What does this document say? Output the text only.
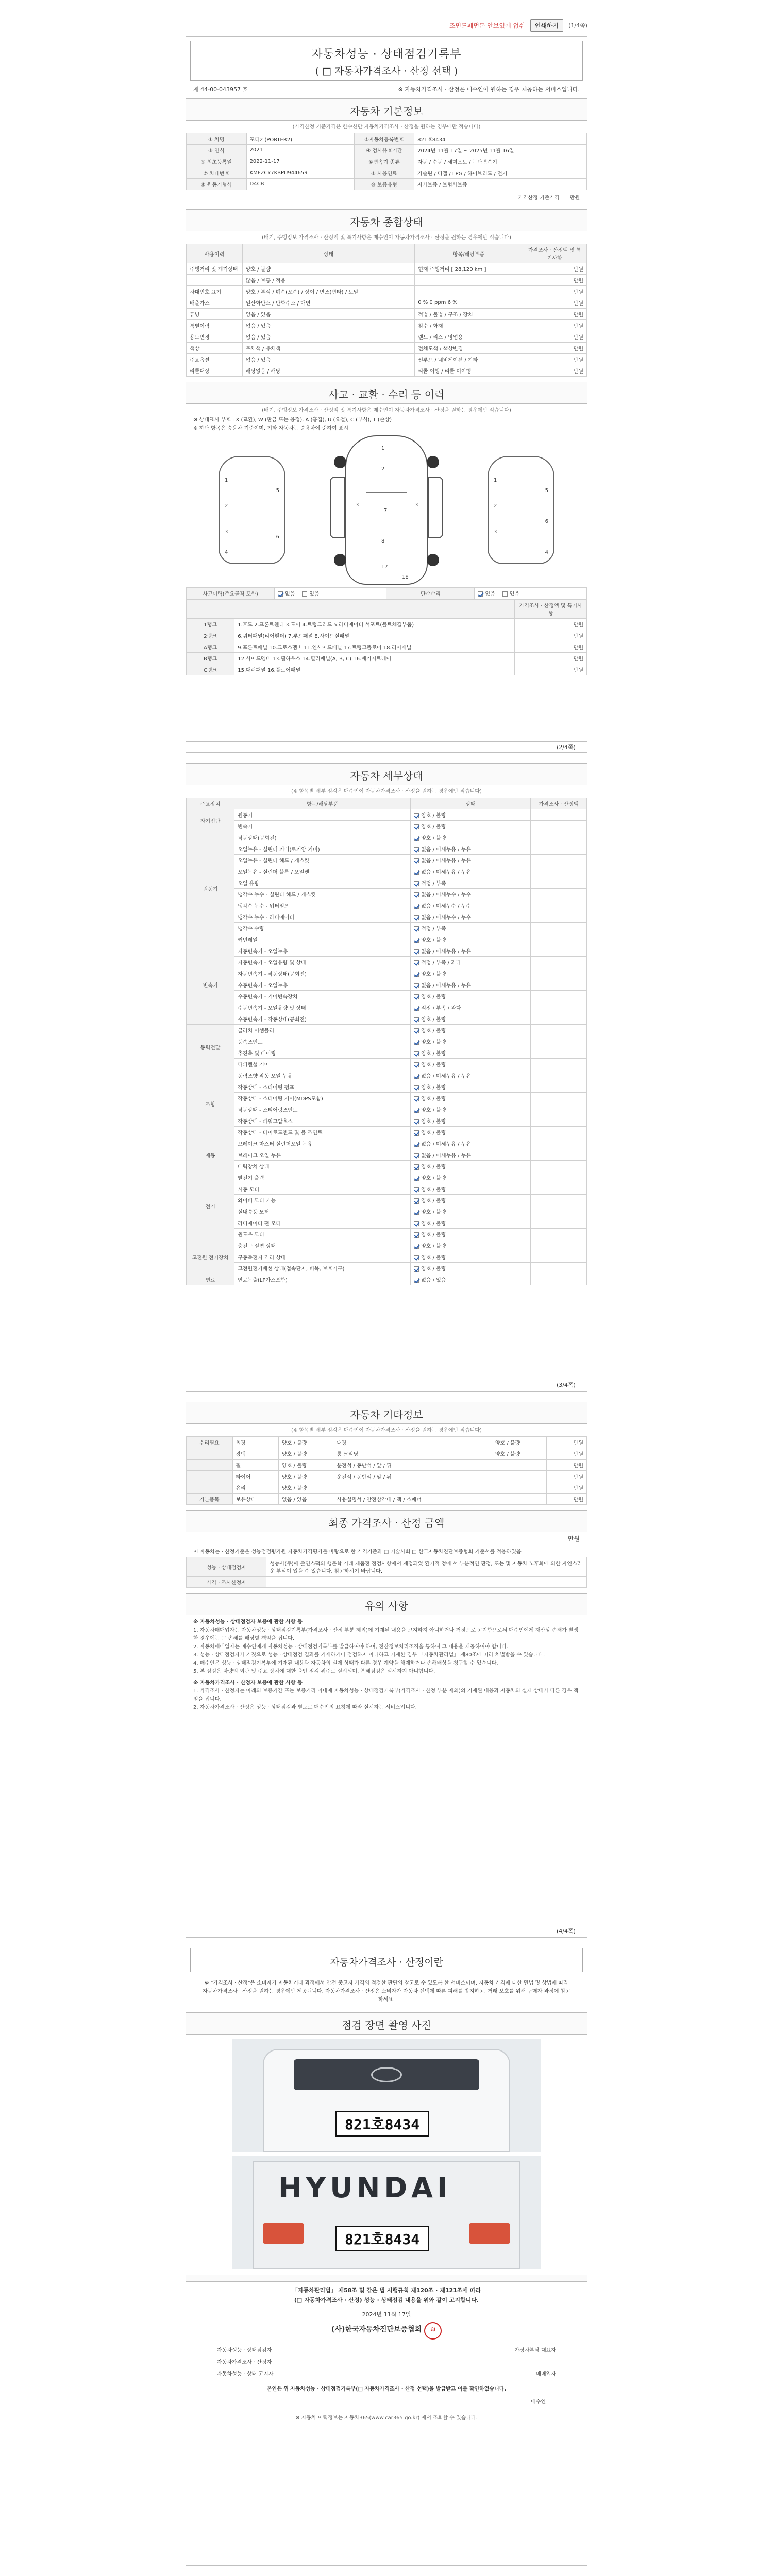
조민드페먼돈 안보있에 없쉬	인쇄하기	(1/4쪽)
자동차성능 · 상태점검기록부
( □ 자동차가격조사 · 산정 선택 )
제 44-00-043957 호	※ 자동차가격조사 · 산정은 매수인이 원하는 경우 제공하는 서비스입니다.
자동차 기본정보
(가격산정 기준가격은 한수신만 자동차가격조사 · 산정을 원하는 경우에만 적습니다)
① 차명	포터2 (PORTER2)	②자동차등록번호	821호8434
③ 연식	2021	④ 검사유효기간	2024년 11월 17일 ~ 2025년 11월 16일
⑤ 최초등록일	2022-11-17	⑥변속기 종류	자동 / 수동 / 세미오토 / 무단변속기
⑦ 차대번호	KMFZCY7KBPU944659	⑧ 사용연료	가솔린 / 디젤 / LPG / 하이브리드 / 전기
⑨ 원동기형식	D4CB	⑩ 보증유형	자가보증 / 보험사보증
가격산정 기준가격 만원
자동차 종합상태
(배기, 주행정보 가격조사 · 산정액 및 특기사항은 매수인이 자동차가격조사 · 산정을 원하는 경우에만 적습니다)
사용이력	상태	항목/해당부품	가격조사 · 산정액 및 특기사항
주행거리 및 계기상태	양호 / 불량	현재 주행거리 [ 28,120 km ]	만원
	많음 / 보통 / 적음		만원
차대번호 표기	양호 / 부식 / 훼손(오손) / 상이 / 변조(변타) / 도말		만원
배출가스	일산화탄소 / 탄화수소 / 매연	0 % 0 ppm 6 %	만원
튜닝	없음 / 있음	적법 / 불법 / 구조 / 장치	만원
특별이력	없음 / 있음	침수 / 화재	만원
용도변경	없음 / 있음	렌트 / 리스 / 영업용	만원
색상	무채색 / 유채색	전체도색 / 색상변경	만원
주요옵션	없음 / 있음	썬루프 / 네비게이션 / 기타	만원
리콜대상	해당없음 / 해당	리콜 이행 / 리콜 미이행	만원
사고 · 교환 · 수리 등 이력
(배기, 주행정보 가격조사 · 산정액 및 특기사항은 매수인이 자동차가격조사 · 산정을 원하는 경우에만 적습니다)
※ 상태표시 부호 : X (교환), W (판금 또는 용접), A (흠집), U (요철), C (부식), T (손상)
※ 하단 항목은 승용차 기준이며, 기타 자동차는 승용차에 준하여 표시
1
2
3
4
5
6
1
2
3	3
7
8
17
18
1
2
3
4
5
6
사고이력(주요골격 포함)	없음	있음	단순수리	없음	있음
		가격조사 · 산정액 및 특기사항
1랭크	1.후드 2.프론트휀더 3.도어 4.트렁크리드 5.라디에이터 서포트(볼트체결부품)	만원
2랭크	6.쿼터패널(리어휀더) 7.루프패널 8.사이드실패널	만원
A랭크	9.프론트패널 10.크로스멤버 11.인사이드패널 17.트렁크플로어 18.리어패널	만원
B랭크	12.사이드멤버 13.휠하우스 14.필러패널(A, B, C) 16.패키지트레이	만원
C랭크	15.대쉬패널 16.플로어패널	만원
(2/4쪽)
자동차 세부상태
(※ 항목별 세부 점검은 매수인이 자동차가격조사 · 산정을 원하는 경우에만 적습니다)
주요장치	항목/해당부품	상태	가격조사 · 산정액
자기진단	원동기	양호 / 불량	
	변속기	양호 / 불량	
원동기	작동상태(공회전)	양호 / 불량	
	오일누유 - 실린더 커버(로커암 커버)	없음 / 미세누유 / 누유	
	오일누유 - 실린더 헤드 / 개스킷	없음 / 미세누유 / 누유	
	오일누유 - 실린더 블록 / 오일팬	없음 / 미세누유 / 누유	
	오일 유량	적정 / 부족	
	냉각수 누수 - 실린더 헤드 / 개스킷	없음 / 미세누수 / 누수	
	냉각수 누수 - 워터펌프	없음 / 미세누수 / 누수	
	냉각수 누수 - 라디에이터	없음 / 미세누수 / 누수	
	냉각수 수량	적정 / 부족	
	커먼레일	양호 / 불량	
변속기	자동변속기 - 오일누유	없음 / 미세누유 / 누유	
	자동변속기 - 오일유량 및 상태	적정 / 부족 / 과다	
	자동변속기 - 작동상태(공회전)	양호 / 불량	
	수동변속기 - 오일누유	없음 / 미세누유 / 누유	
	수동변속기 - 기어변속장치	양호 / 불량	
	수동변속기 - 오일유량 및 상태	적정 / 부족 / 과다	
	수동변속기 - 작동상태(공회전)	양호 / 불량	
동력전달	클러치 어셈블리	양호 / 불량	
	등속조인트	양호 / 불량	
	추진축 및 베어링	양호 / 불량	
	디퍼렌셜 기어	양호 / 불량	
조향	동력조향 작동 오일 누유	없음 / 미세누유 / 누유	
	작동상태 - 스티어링 펌프	양호 / 불량	
	작동상태 - 스티어링 기어(MDPS포함)	양호 / 불량	
	작동상태 - 스티어링조인트	양호 / 불량	
	작동상태 - 파워고압호스	양호 / 불량	
	작동상태 - 타이로드엔드 및 볼 조인트	양호 / 불량	
제동	브레이크 마스터 실린더오일 누유	없음 / 미세누유 / 누유	
	브레이크 오일 누유	없음 / 미세누유 / 누유	
	배력장치 상태	양호 / 불량	
전기	발전기 출력	양호 / 불량	
	시동 모터	양호 / 불량	
	와이퍼 모터 기능	양호 / 불량	
	실내송풍 모터	양호 / 불량	
	라디에이터 팬 모터	양호 / 불량	
	윈도우 모터	양호 / 불량	
고전원 전기장치	충전구 절연 상태	양호 / 불량	
	구동축전지 격리 상태	양호 / 불량	
	고전원전기배선 상태(접속단자, 피복, 보호기구)	양호 / 불량	
연료	연료누출(LP가스포함)	없음 / 있음	
(3/4쪽)
자동차 기타정보
(※ 항목별 세부 점검은 매수인이 자동차가격조사 · 산정을 원하는 경우에만 적습니다)
수리필요	외장	양호 / 불량	내장	양호 / 불량	만원
	광택	양호 / 불량	룸 크리닝	양호 / 불량	만원
	휠	양호 / 불량	운전석 / 동반석 / 앞 / 뒤		만원
	타이어	양호 / 불량	운전석 / 동반석 / 앞 / 뒤		만원
	유리	양호 / 불량			만원
기본품목	보유상태	없음 / 있음	사용설명서 / 안전삼각대 / 잭 / 스패너		만원
최종 가격조사 · 산정 금액
만원
이 자동차는 · 산정기준은 성능점검평가원 자동차가격평가를 바탕으로 한 가격기준과 □ 기술사회 □ 한국자동차진단보증협회 기준서를 적용하였음
성능 · 상태점검자	성능사(주)에 출연스팩의 행문학 거래 제품전 점검사항에서 제정되었 환기적 정에 서 부분적인 판정, 또는 및 자동차 노후화에 의한 자연스러운 부식이 있을 수 있습니다. 참고하시기 바랍니다.
가격 · 조사산정자	
유의 사항

※ 자동차성능 · 상태점검자 보증에 관한 사항 등

1. 자동차매매업자는 자동차성능 · 상태점검기록부(가격조사 · 산정 부분 제외)에 기재된 내용을 고지하지 아니하거나 거짓으로 고지함으로써 매수인에게 재산상 손해가 발생한 경우에는 그 손해를 배상할 책임을 집니다.

2. 자동차매매업자는 매수인에게 자동차성능 · 상태점검기록부를 발급하여야 하며, 전산정보처리조직을 통하여 그 내용을 제공하여야 합니다.

3. 성능 · 상태점검자가 거짓으로 성능 · 상태점검 결과를 기재하거나 점검하지 아니하고 기재한 경우 「자동차관리법」 제80조에 따라 처벌받을 수 있습니다.

4. 매수인은 성능 · 상태점검기록부에 기재된 내용과 자동차의 실제 상태가 다른 경우 계약을 해제하거나 손해배상을 청구할 수 있습니다.

5. 본 점검은 차량의 외관 및 주요 장치에 대한 육안 점검 위주로 실시되며, 분해점검은 실시하지 아니합니다.

※ 자동차가격조사 · 산정자 보증에 관한 사항 등

1. 가격조사 · 산정자는 아래의 보증기간 또는 보증거리 이내에 자동차성능 · 상태점검기록부(가격조사 · 산정 부분 제외)의 기재된 내용과 자동차의 실제 상태가 다른 경우 책임을 집니다.

2. 자동차가격조사 · 산정은 성능 · 상태점검과 별도로 매수인의 요청에 따라 실시하는 서비스입니다.

(4/4쪽)
자동차가격조사 · 산정이란
※ "가격조사 · 산정"은 소비자가 자동차거래 과정에서 안전 중고자 가격의 적정한 판단의 참고로 수 있도록 한 서비스이며, 자동차 가격에 대한 민법 및 상법에 따라 자동차가격조사 · 산정을 원하는 경우에만 제공됩니다. 자동차가격조사 · 산정은 소비자가 자동차 선택에 따른 피해를 방지하고, 거래 보호를 위해 구매자 과정에 참고하세요.
점검 장면 촬영 사진
821호8434
HYUNDAI
821호8434
「자동차관리법」 제58조 및 같은 법 시행규칙 제120조 · 제121조에 따라
(□ 자동차가격조사 · 산정) 성능 · 상태점검 내용을 위와 같이 고지합니다.
2024년 11월 17일
(사)한국자동차진단보증협회 印
자동차성능 · 상태점검자	가장차부담 대표자
자동차가격조사 · 산정자
자동차성능 · 상태 고지자	매매업자
본인은 위 자동차성능 · 상태점검기록부(□ 자동차가격조사 · 산정 선택)을 발급받고 이를 확인하였습니다.
매수인
※ 자동차 이력정보는 자동차365(www.car365.go.kr) 에서 조회할 수 있습니다.
